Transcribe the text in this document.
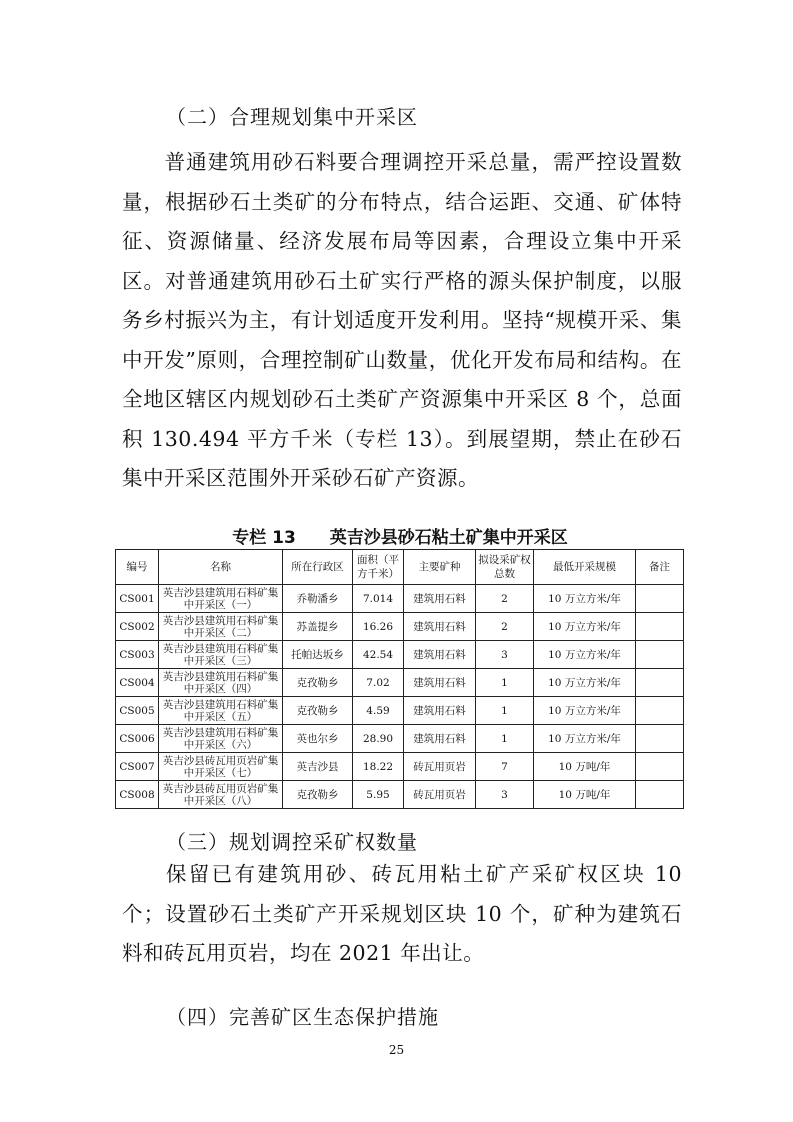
（二）合理规划集中开采区
普通建筑用砂石料要合理调控开采总量，需严控设置数量，根据砂石土类矿的分布特点，结合运距、交通、矿体特征、资源储量、经济发展布局等因素，合理设立集中开采区。对普通建筑用砂石土矿实行严格的源头保护制度，以服务乡村振兴为主，有计划适度开发利用。坚持“规模开采、集中开发”原则，合理控制矿山数量，优化开发布局和结构。在全地区辖区内规划砂石土类矿产资源集中开采区 8 个，总面积 130.494 平方千米（专栏 13）。到展望期，禁止在砂石集中开采区范围外开采砂石矿产资源。
专栏 13 英吉沙县砂石粘土矿集中开采区
编号	名称	所在行政区	面积（平方千米）	主要矿种	拟设采矿权总数	最低开采规模	备注
CS001	英吉沙县建筑用石料矿集中开采区（一）	乔勒潘乡	7.014	建筑用石料	2	10 万立方米/年	
CS002	英吉沙县建筑用石料矿集中开采区（二）	苏盖提乡	16.26	建筑用石料	2	10 万立方米/年	
CS003	英吉沙县建筑用石料矿集中开采区（三）	托帕达坂乡	42.54	建筑用石料	3	10 万立方米/年	
CS004	英吉沙县建筑用石料矿集中开采区（四）	克孜勒乡	7.02	建筑用石料	1	10 万立方米/年	
CS005	英吉沙县建筑用石料矿集中开采区（五）	克孜勒乡	4.59	建筑用石料	1	10 万立方米/年	
CS006	英吉沙县建筑用石料矿集中开采区（六）	英也尔乡	28.90	建筑用石料	1	10 万立方米/年	
CS007	英吉沙县砖瓦用页岩矿集中开采区（七）	英吉沙县	18.22	砖瓦用页岩	7	10 万吨/年	
CS008	英吉沙县砖瓦用页岩矿集中开采区（八）	克孜勒乡	5.95	砖瓦用页岩	3	10 万吨/年	
（三）规划调控采矿权数量
保留已有建筑用砂、砖瓦用粘土矿产采矿权区块 10 个；设置砂石土类矿产开采规划区块 10 个，矿种为建筑石料和砖瓦用页岩，均在 2021 年出让。
（四）完善矿区生态保护措施
25
